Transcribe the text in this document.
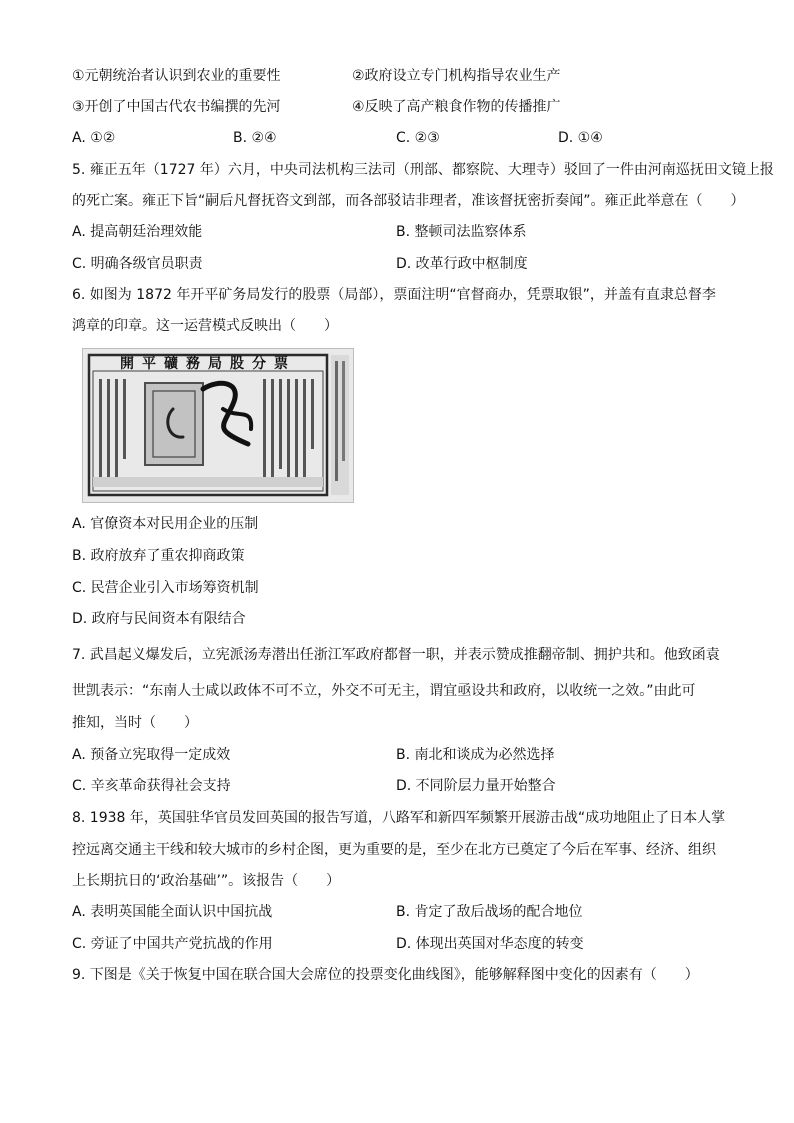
①元朝统治者认识到农业的重要性	②政府设立专门机构指导农业生产
③开创了中国古代农书编撰的先河	④反映了高产粮食作物的传播推广
A. ①②	B. ②④	C. ②③	D. ①④
5. 雍正五年（1727 年）六月，中央司法机构三法司（刑部、都察院、大理寺）驳回了一件由河南巡抚田文镜上报
的死亡案。雍正下旨“嗣后凡督抚咨文到部，而各部驳诘非理者，准该督抚密折奏闻”。雍正此举意在（　　）
A. 提高朝廷治理效能	B. 整顿司法监察体系
C. 明确各级官员职责	D. 改革行政中枢制度
6. 如图为 1872 年开平矿务局发行的股票（局部），票面注明“官督商办，凭票取银”，并盖有直隶总督李
鸿章的印章。这一运营模式反映出（　　）
開平礦務局股分票
A. 官僚资本对民用企业的压制
B. 政府放弃了重农抑商政策
C. 民营企业引入市场筹资机制
D. 政府与民间资本有限结合
7. 武昌起义爆发后，立宪派汤寿潜出任浙江军政府都督一职，并表示赞成推翻帝制、拥护共和。他致函袁
世凯表示：“东南人士咸以政体不可不立，外交不可无主，谓宜亟设共和政府，以收统一之效。”由此可
推知，当时（　　）
A. 预备立宪取得一定成效	B. 南北和谈成为必然选择
C. 辛亥革命获得社会支持	D. 不同阶层力量开始整合
8. 1938 年，英国驻华官员发回英国的报告写道，八路军和新四军频繁开展游击战“成功地阻止了日本人掌
控远离交通主干线和较大城市的乡村企图，更为重要的是，至少在北方已奠定了今后在军事、经济、组织
上长期抗日的‘政治基础’”。该报告（　　）
A. 表明英国能全面认识中国抗战	B. 肯定了敌后战场的配合地位
C. 旁证了中国共产党抗战的作用	D. 体现出英国对华态度的转变
9. 下图是《关于恢复中国在联合国大会席位的投票变化曲线图》，能够解释图中变化的因素有（　　）
